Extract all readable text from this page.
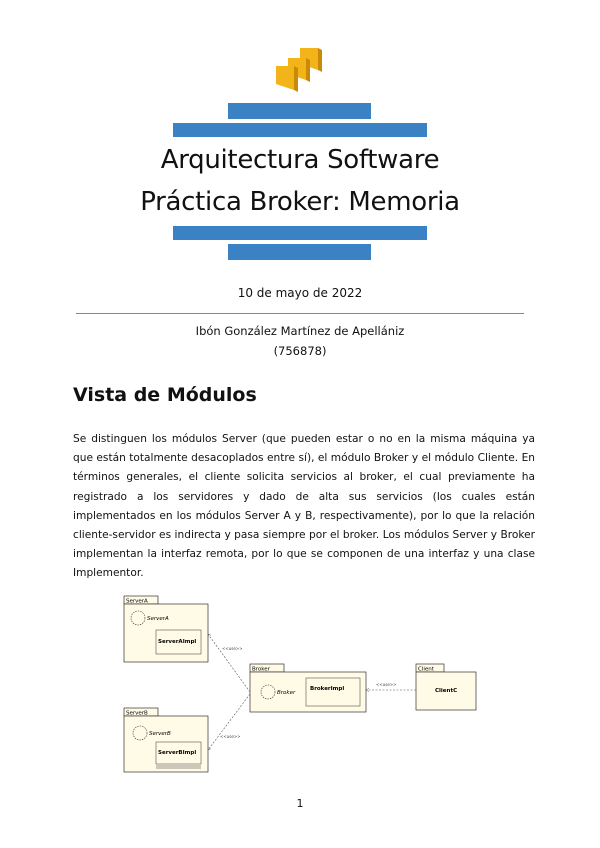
Arquitectura Software
Práctica Broker: Memoria
10 de mayo de 2022
Ibón González Martínez de Apellániz
(756878)
Vista de Módulos
Se distinguen los módulos Server (que pueden estar o no en la misma máquina ya que están totalmente desacoplados entre sí), el módulo Broker y el módulo Cliente. En términos generales, el cliente solicita servicios al broker, el cual previamente ha registrado a los servidores y dado de alta sus servicios (los cuales están implementados en los módulos Server A y B, respectivamente), por lo que la relación cliente-servidor es indirecta y pasa siempre por el broker. Los módulos Server y Broker implementan la interfaz remota, por lo que se componen de una interfaz y una clase Implementor.
ServerA
ServerA
ServerAImpl
ServerB
ServerB
ServerBImpl
Broker
Broker
BrokerImpl
Client
ClientC
<<use>>
<<use>>
<<use>>
1
